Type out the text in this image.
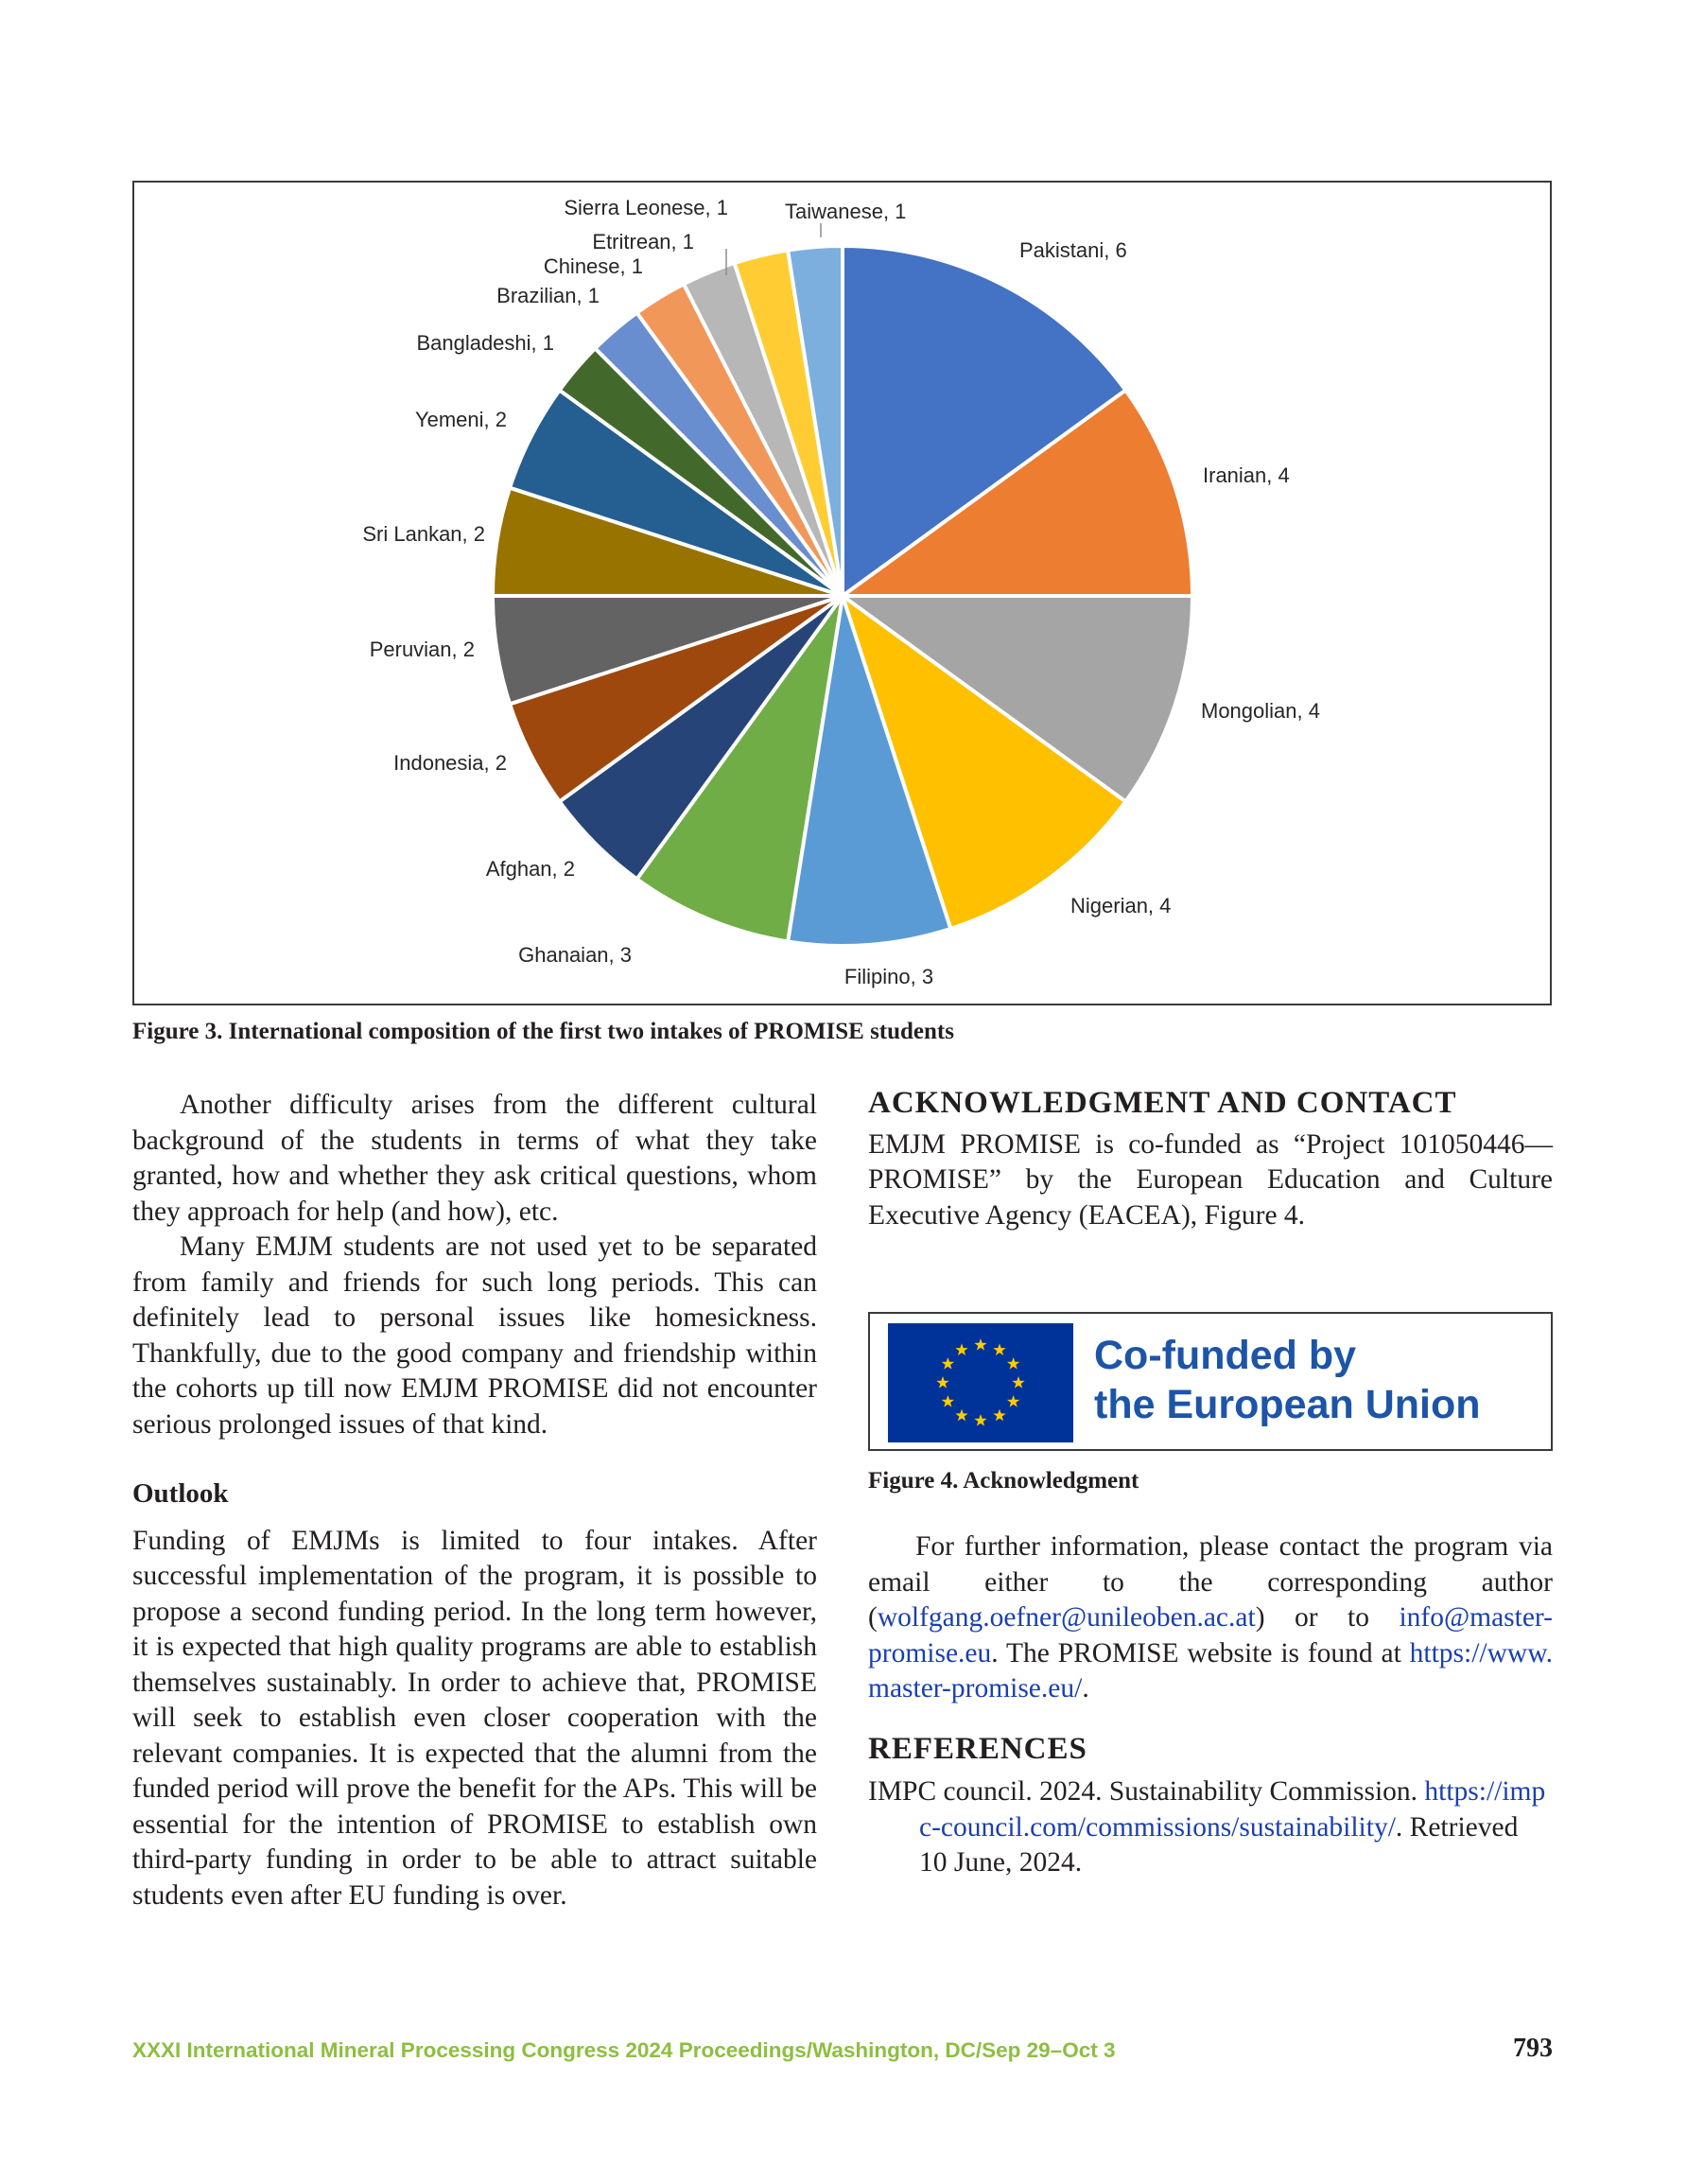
Pakistani, 6
Iranian, 4
Mongolian, 4
Nigerian, 4
Filipino, 3
Ghanaian, 3
Afghan, 2
Indonesia, 2
Peruvian, 2
Sri Lankan, 2
Yemeni, 2
Bangladeshi, 1
Brazilian, 1
Chinese, 1
Etritrean, 1
Sierra Leonese, 1	Taiwanese, 1
Figure 3. International composition of the first two intakes of PROMISE students

Another difficulty arises from the different cultural background of the students in terms of what they take granted, how and whether they ask critical questions, whom they approach for help (and how), etc.

Many EMJM students are not used yet to be separated from family and friends for such long periods. This can definitely lead to personal issues like homesickness. Thankfully, due to the good company and friendship within the cohorts up till now EMJM PROMISE did not encounter serious prolonged issues of that kind.

Outlook

Funding of EMJMs is limited to four intakes. After successful implementation of the program, it is possible to propose a second funding period. In the long term however, it is expected that high quality programs are able to establish themselves sustainably. In order to achieve that, PROMISE will seek to establish even closer cooperation with the relevant companies. It is expected that the alumni from the funded period will prove the benefit for the APs. This will be essential for the intention of PROMISE to establish own third-party funding in order to be able to attract suitable students even after EU funding is over.

ACKNOWLEDGMENT AND CONTACT

EMJM PROMISE is co-funded as “Project 101050446—PROMISE” by the European Education and Culture Executive Agency (EACEA), Figure 4.

Co-funded by
the European Union
Figure 4. Acknowledgment

For further information, please contact the program via email either to the corresponding author (wolfgang.oefner@unileoben.ac.at) or to info@master-promise.eu. The PROMISE website is found at https://www.master-promise.eu/.

REFERENCES

IMPC council. 2024. Sustainability Commission. https://impc-council.com/commissions/sustainability/. Retrieved 10 June, 2024.

XXXI International Mineral Processing Congress 2024 Proceedings/Washington, DC/Sep 29–Oct 3	793
